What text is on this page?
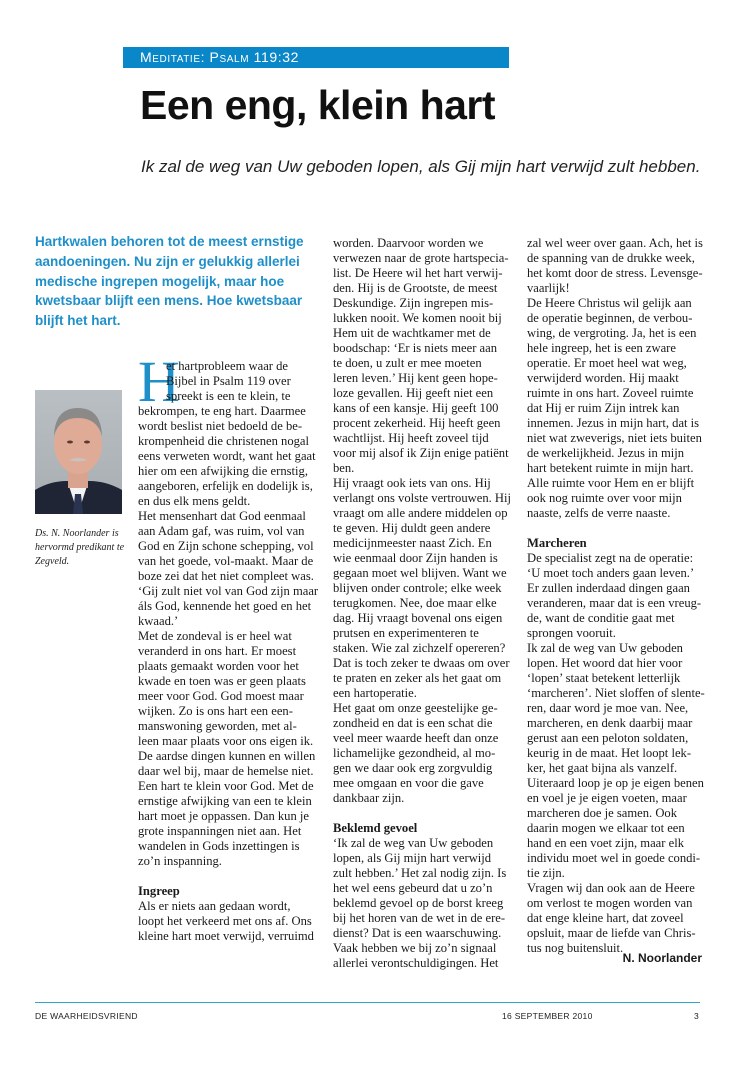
Meditatie: Psalm 119:32
Een eng, klein hart
Ik zal de weg van Uw geboden lopen, als Gij mijn hart verwijd zult hebben.
Hartkwalen behoren tot de meest ernstige
aandoeningen. Nu zijn er gelukkig allerlei
medische ingrepen mogelijk, maar hoe
kwetsbaar blijft een mens. Hoe kwetsbaar
blijft het hart.
Ds. N. Noorlander is
hervormd predikant te
Zegveld.
H
et hartprobleem waar de
Bijbel in Psalm 119 over
spreekt is een te klein, te
bekrompen, te eng hart. Daarmee
wordt beslist niet bedoeld de be-
krompenheid die christenen nogal
eens verweten wordt, want het gaat
hier om een afwijking die ernstig,
aangeboren, erfelijk en dodelijk is,
en dus elk mens geldt.
Het mensenhart dat God eenmaal
aan Adam gaf, was ruim, vol van
God en Zijn schone schepping, vol
van het goede, vol-maakt. Maar de
boze zei dat het niet compleet was.
‘Gij zult niet vol van God zijn maar
áls God, kennende het goed en het
kwaad.’
Met de zondeval is er heel wat
veranderd in ons hart. Er moest
plaats gemaakt worden voor het
kwade en toen was er geen plaats
meer voor God. God moest maar
wijken. Zo is ons hart een een-
manswoning geworden, met al-
leen maar plaats voor ons eigen ik.
De aardse dingen kunnen en willen
daar wel bij, maar de hemelse niet.
Een hart te klein voor God. Met de
ernstige afwijking van een te klein
hart moet je oppassen. Dan kun je
grote inspanningen niet aan. Het
wandelen in Gods inzettingen is
zo’n inspanning.
Ingreep
Als er niets aan gedaan wordt,
loopt het verkeerd met ons af. Ons
kleine hart moet verwijd, verruimd
worden. Daarvoor worden we
verwezen naar de grote hartspecia-
list. De Heere wil het hart verwij-
den. Hij is de Grootste, de meest
Deskundige. Zijn ingrepen mis-
lukken nooit. We komen nooit bij
Hem uit de wachtkamer met de
boodschap: ‘Er is niets meer aan
te doen, u zult er mee moeten
leren leven.’ Hij kent geen hope-
loze gevallen. Hij geeft niet een
kans of een kansje. Hij geeft 100
procent zekerheid. Hij heeft geen
wachtlijst. Hij heeft zoveel tijd
voor mij alsof ik Zijn enige patiënt
ben.
Hij vraagt ook iets van ons. Hij
verlangt ons volste vertrouwen. Hij
vraagt om alle andere middelen op
te geven. Hij duldt geen andere
medicijnmeester naast Zich. En
wie eenmaal door Zijn handen is
gegaan moet wel blijven. Want we
blijven onder controle; elke week
terugkomen. Nee, doe maar elke
dag. Hij vraagt bovenal ons eigen
prutsen en experimenteren te
staken. Wie zal zichzelf opereren?
Dat is toch zeker te dwaas om over
te praten en zeker als het gaat om
een hartoperatie.
Het gaat om onze geestelijke ge-
zondheid en dat is een schat die
veel meer waarde heeft dan onze
lichamelijke gezondheid, al mo-
gen we daar ook erg zorgvuldig
mee omgaan en voor die gave
dankbaar zijn.
Beklemd gevoel
‘Ik zal de weg van Uw geboden
lopen, als Gij mijn hart verwijd
zult hebben.’ Het zal nodig zijn. Is
het wel eens gebeurd dat u zo’n
beklemd gevoel op de borst kreeg
bij het horen van de wet in de ere-
dienst? Dat is een waarschuwing.
Vaak hebben we bij zo’n signaal
allerlei verontschuldigingen. Het
zal wel weer over gaan. Ach, het is
de spanning van de drukke week,
het komt door de stress. Levensge-
vaarlijk!
De Heere Christus wil gelijk aan
de operatie beginnen, de verbou-
wing, de vergroting. Ja, het is een
hele ingreep, het is een zware
operatie. Er moet heel wat weg,
verwijderd worden. Hij maakt
ruimte in ons hart. Zoveel ruimte
dat Hij er ruim Zijn intrek kan
innemen. Jezus in mijn hart, dat is
niet wat zweverigs, niet iets buiten
de werkelijkheid. Jezus in mijn
hart betekent ruimte in mijn hart.
Alle ruimte voor Hem en er blijft
ook nog ruimte over voor mijn
naaste, zelfs de verre naaste.
Marcheren
De specialist zegt na de operatie:
‘U moet toch anders gaan leven.’
Er zullen inderdaad dingen gaan
veranderen, maar dat is een vreug-
de, want de conditie gaat met
sprongen vooruit.
Ik zal de weg van Uw geboden
lopen. Het woord dat hier voor
‘lopen’ staat betekent letterlijk
‘marcheren’. Niet sloffen of slente-
ren, daar word je moe van. Nee,
marcheren, en denk daarbij maar
gerust aan een peloton soldaten,
keurig in de maat. Het loopt lek-
ker, het gaat bijna als vanzelf.
Uiteraard loop je op je eigen benen
en voel je je eigen voeten, maar
marcheren doe je samen. Ook
daarin mogen we elkaar tot een
hand en een voet zijn, maar elk
individu moet wel in goede condi-
tie zijn.
Vragen wij dan ook aan de Heere
om verlost te mogen worden van
dat enge kleine hart, dat zoveel
opsluit, maar de liefde van Chris-
tus nog buitensluit.
N. Noorlander
DE WAARHEIDSVRIEND	16 SEPTEMBER 2010	3
